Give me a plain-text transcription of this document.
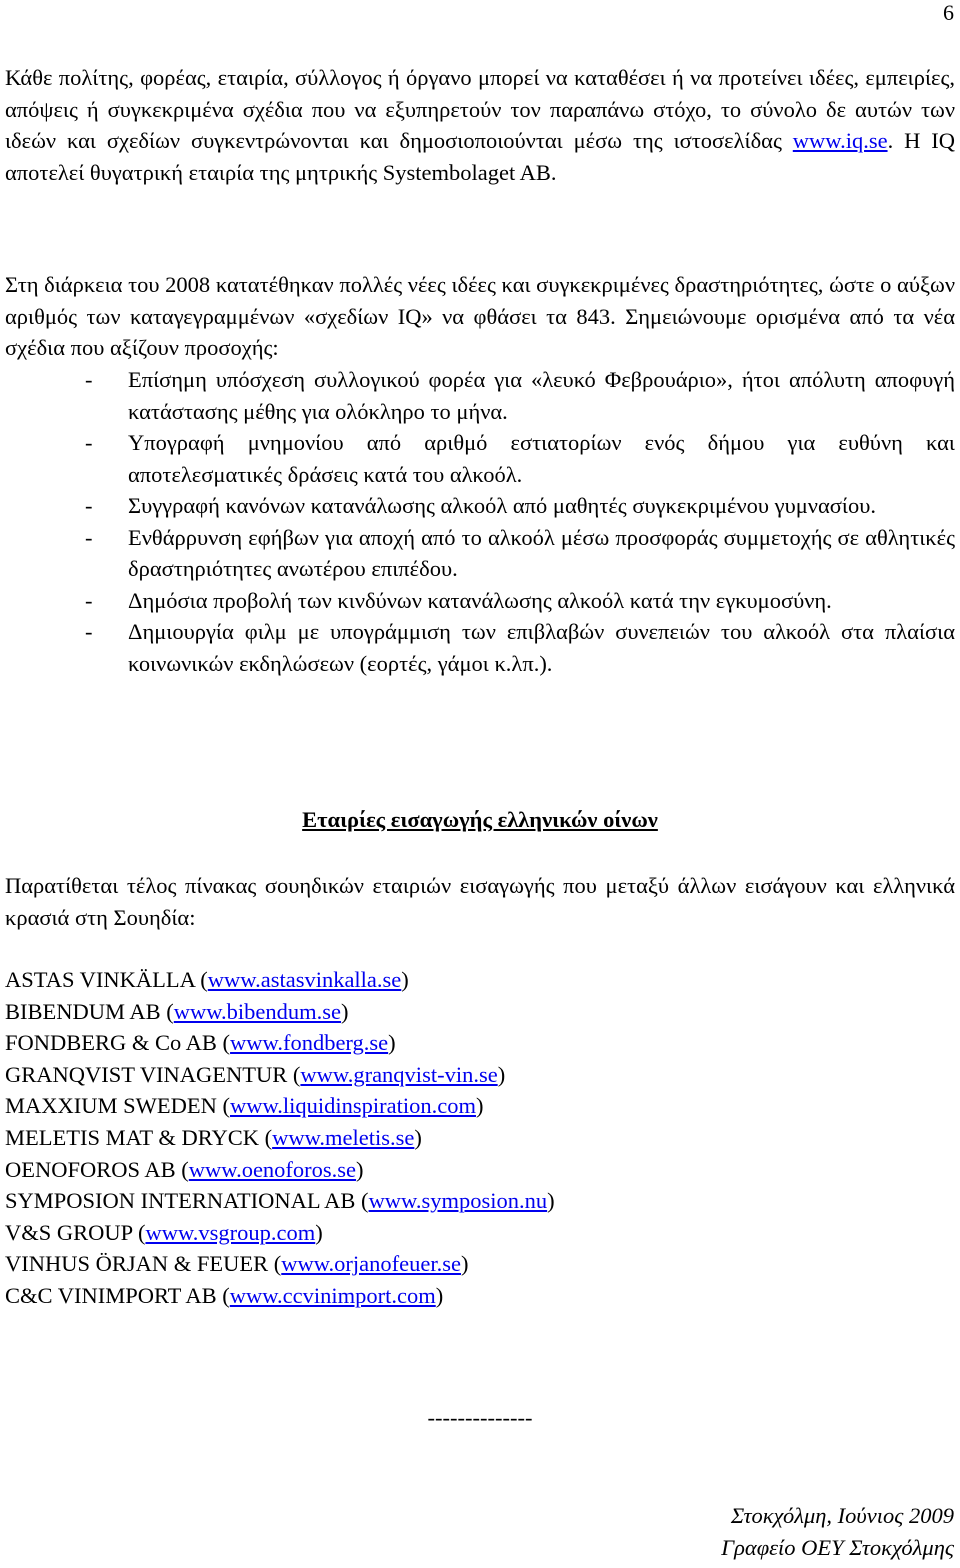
6

Κάθε πολίτης, φορέας, εταιρία, σύλλογος ή όργανο μπορεί να καταθέσει ή να προτείνει ιδέες, εμπειρίες, απόψεις ή συγκεκριμένα σχέδια που να εξυπηρετούν τον παραπάνω στόχο, το σύνολο δε αυτών των ιδεών και σχεδίων συγκεντρώνονται και δημοσιοποιούνται μέσω της ιστοσελίδας www.iq.se. Η IQ αποτελεί θυγατρική εταιρία της μητρικής Systembolaget AB.

Στη διάρκεια του 2008 κατατέθηκαν πολλές νέες ιδέες και συγκεκριμένες δραστηριότητες, ώστε ο αύξων αριθμός των καταγεγραμμένων «σχεδίων IQ» να φθάσει τα 843. Σημειώνουμε ορισμένα από τα νέα σχέδια που αξίζουν προσοχής:

- Επίσημη υπόσχεση συλλογικού φορέα για «λευκό Φεβρουάριο», ήτοι απόλυτη αποφυγή κατάστασης μέθης για ολόκληρο το μήνα.
- Υπογραφή μνημονίου από αριθμό εστιατορίων ενός δήμου για ευθύνη και αποτελεσματικές δράσεις κατά του αλκοόλ.
- Συγγραφή κανόνων κατανάλωσης αλκοόλ από μαθητές συγκεκριμένου γυμνασίου.
- Ενθάρρυνση εφήβων για αποχή από το αλκοόλ μέσω προσφοράς συμμετοχής σε αθλητικές δραστηριότητες ανωτέρου επιπέδου.
- Δημόσια προβολή των κινδύνων κατανάλωσης αλκοόλ κατά την εγκυμοσύνη.
- Δημιουργία φιλμ με υπογράμμιση των επιβλαβών συνεπειών του αλκοόλ στα πλαίσια κοινωνικών εκδηλώσεων (εορτές, γάμοι κ.λπ.).
Εταιρίες εισαγωγής ελληνικών οίνων

Παρατίθεται τέλος πίνακας σουηδικών εταιριών εισαγωγής που μεταξύ άλλων εισάγουν και ελληνικά κρασιά στη Σουηδία:

ASTAS VINKÄLLA (www.astasvinkalla.se)
BIBENDUM AB (www.bibendum.se)
FONDBERG & Co AB (www.fondberg.se)
GRANQVIST VINAGENTUR (www.granqvist-vin.se)
MAXXIUM SWEDEN (www.liquidinspiration.com)
MELETIS MAT & DRYCK (www.meletis.se)
OENOFOROS AB (www.oenoforos.se)
SYMPOSION INTERNATIONAL AB (www.symposion.nu)
V&S GROUP (www.vsgroup.com)
VINHUS ÖRJAN & FEUER (www.orjanofeuer.se)
C&C VINIMPORT AB (www.ccvinimport.com)
--------------
Στοκχόλμη, Ιούνιος 2009
Γραφείο ΟΕΥ Στοκχόλμης
